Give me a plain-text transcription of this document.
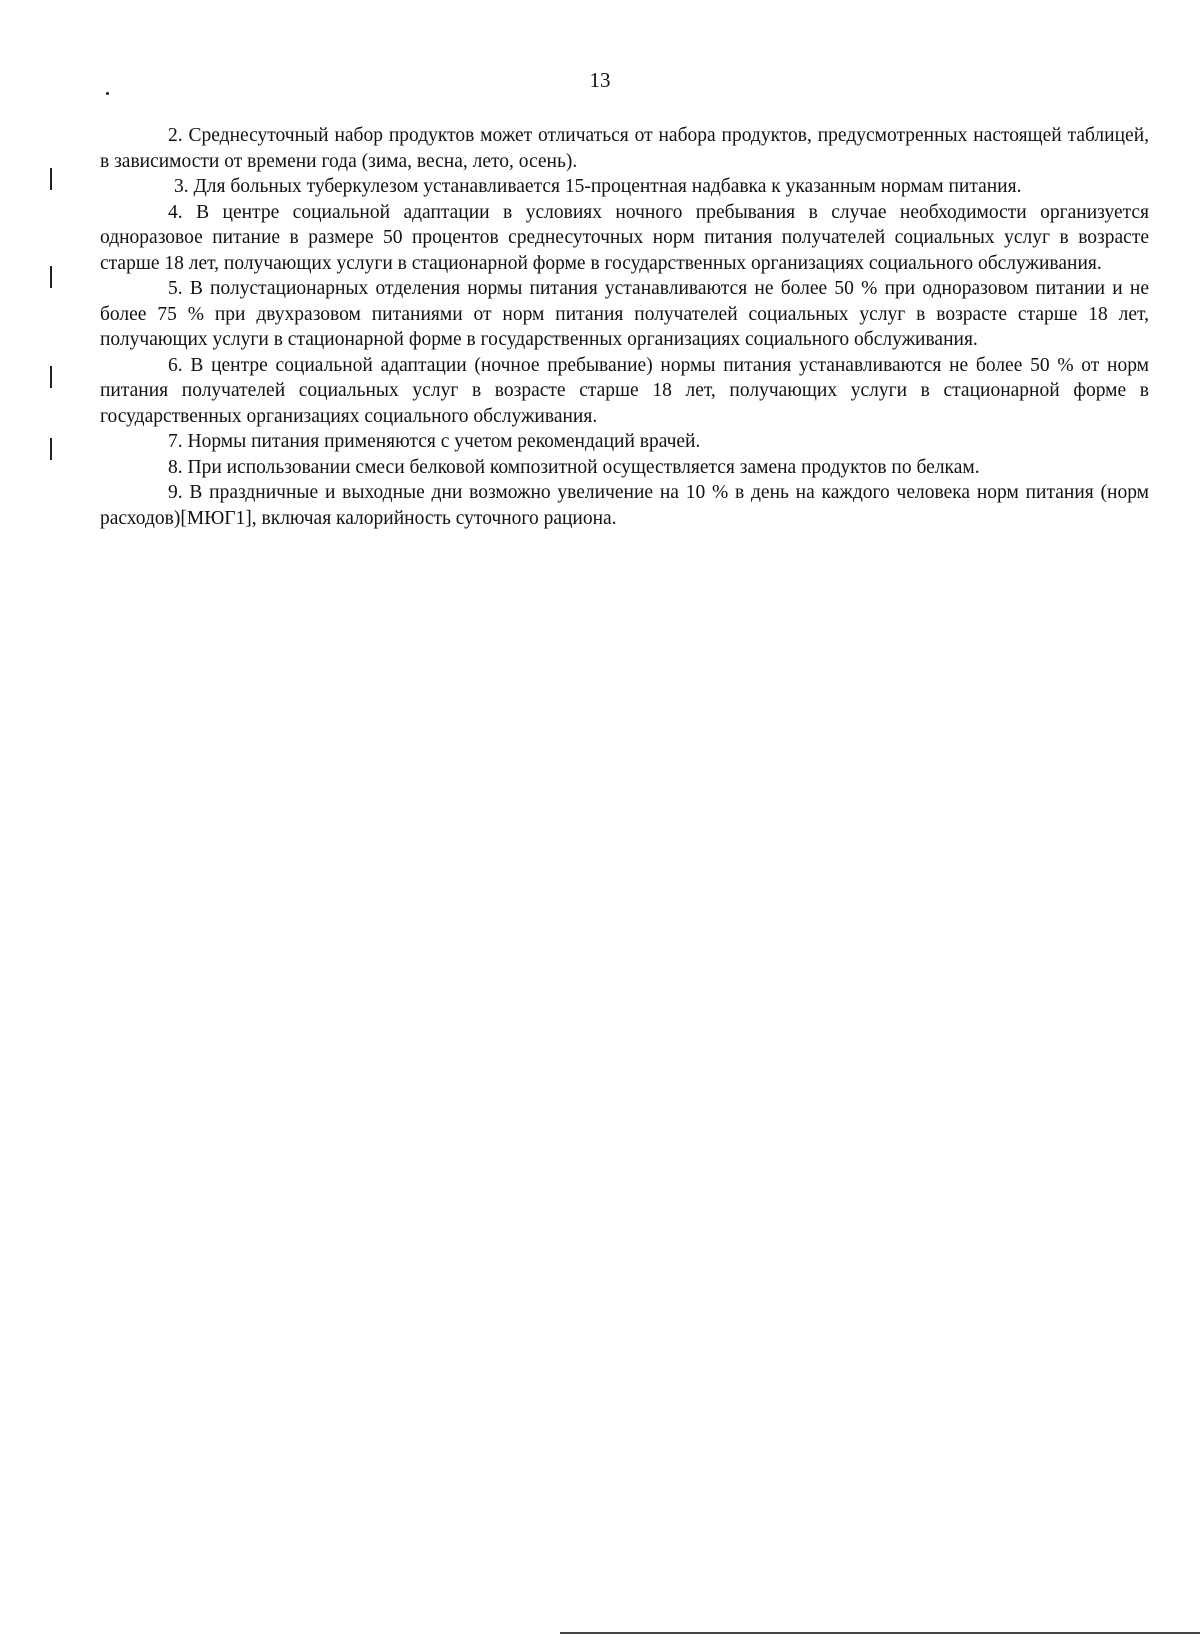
13

2. Среднесуточный набор продуктов может отличаться от набора продуктов, предусмотренных настоящей таблицей, в зависимости от времени года (зима, весна, лето, осень).

3. Для больных туберкулезом устанавливается 15-процентная надбавка к указанным нормам питания.

4. В центре социальной адаптации в условиях ночного пребывания в случае необходимости организуется одноразовое питание в размере 50 процентов среднесуточных норм питания получателей социальных услуг в возрасте старше 18 лет, получающих услуги в стационарной форме в государственных организациях социального обслуживания.

5. В полустационарных отделения нормы питания устанавливаются не более 50 % при одноразовом питании и не более 75 % при двухразовом питаниями от норм питания получателей социальных услуг в возрасте старше 18 лет, получающих услуги в стационарной форме в государственных организациях социального обслуживания.

6. В центре социальной адаптации (ночное пребывание) нормы питания устанавливаются не более 50 % от норм питания получателей социальных услуг в возрасте старше 18 лет, получающих услуги в стационарной форме в государственных организациях социального обслуживания.

7. Нормы питания применяются с учетом рекомендаций врачей.

8. При использовании смеси белковой композитной осуществляется замена продуктов по белкам.

9. В праздничные и выходные дни возможно увеличение на 10 % в день на каждого человека норм питания (норм расходов)[МЮГ1], включая калорийность суточного рациона.
